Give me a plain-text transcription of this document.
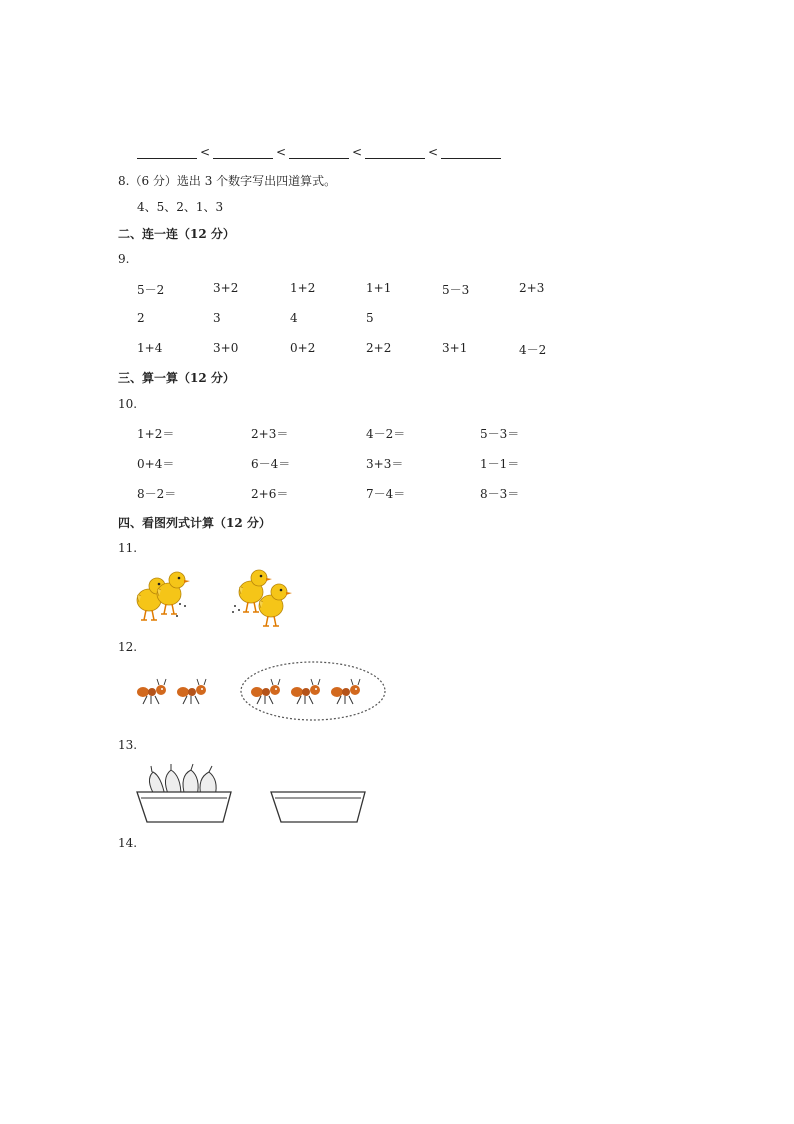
<	<	<	<
8.（6 分）选出 3 个数字写出四道算式。
4、5、2、1、3
二、连一连（12 分）
9.
5－2	3+2	1+2	1+1	5－3	2+3
2	3	4	5
1+4	3+0	0+2	2+2	3+1	4－2
三、算一算（12 分）
10.
1+2＝	2+3＝	4－2＝	5－3＝
0+4＝	6－4＝	3+3＝	1－1＝
8－2＝	2+6＝	7－4＝	8－3＝
四、看图列式计算（12 分）
11.
12.
13.
14.
